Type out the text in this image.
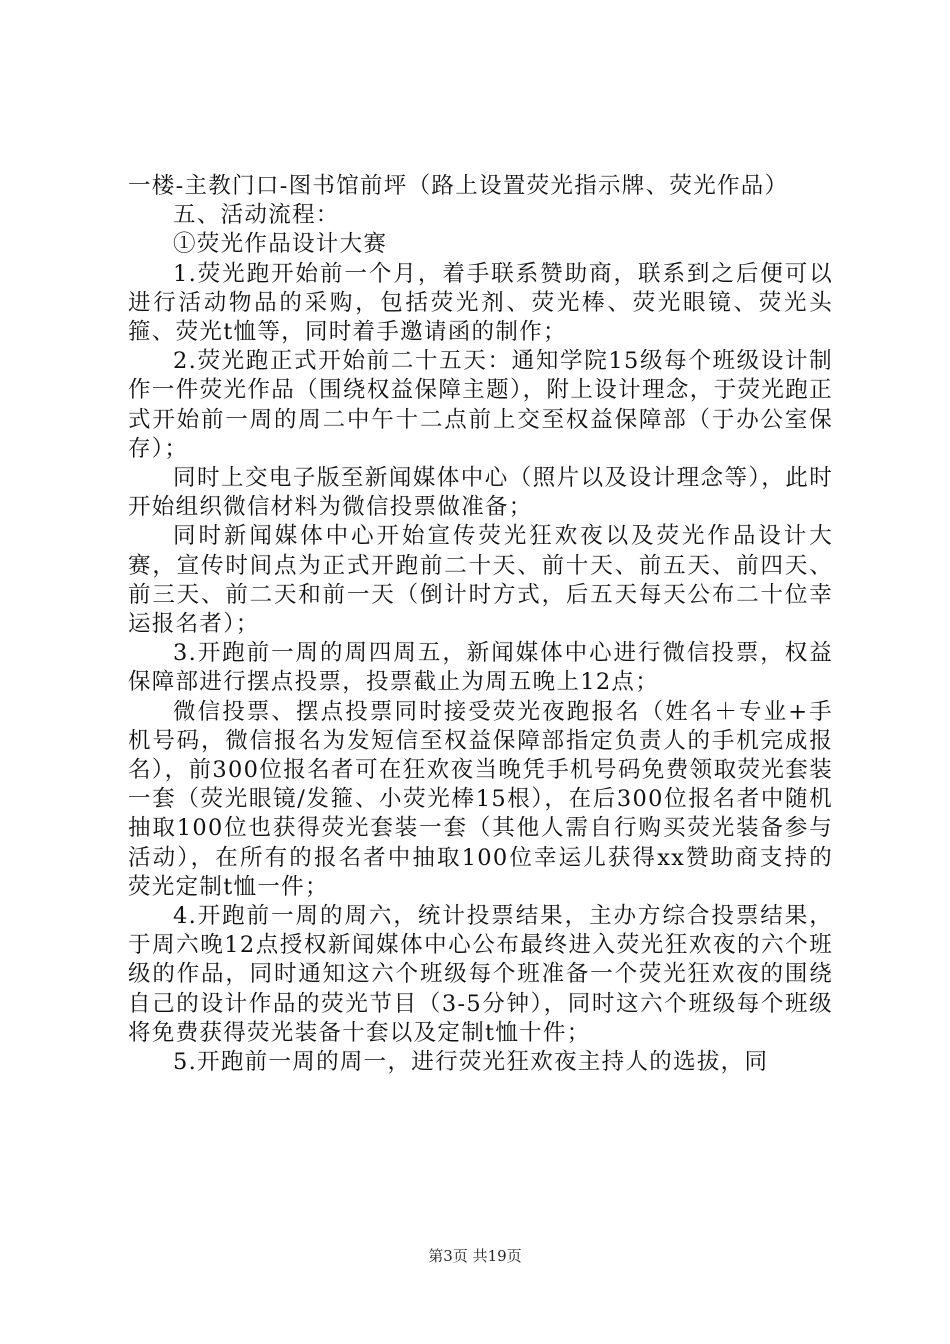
一楼-主教门口-图书馆前坪（路上设置荧光指示牌、荧光作品）

五、活动流程：

①荧光作品设计大赛

1.荧光跑开始前一个月，着手联系赞助商，联系到之后便可以进行活动物品的采购，包括荧光剂、荧光棒、荧光眼镜、荧光头箍、荧光t恤等，同时着手邀请函的制作；

2.荧光跑正式开始前二十五天：通知学院15级每个班级设计制作一件荧光作品（围绕权益保障主题），附上设计理念，于荧光跑正式开始前一周的周二中午十二点前上交至权益保障部（于办公室保存）；

同时上交电子版至新闻媒体中心（照片以及设计理念等），此时开始组织微信材料为微信投票做准备；

同时新闻媒体中心开始宣传荧光狂欢夜以及荧光作品设计大赛，宣传时间点为正式开跑前二十天、前十天、前五天、前四天、前三天、前二天和前一天（倒计时方式，后五天每天公布二十位幸运报名者）；

3.开跑前一周的周四周五，新闻媒体中心进行微信投票，权益保障部进行摆点投票，投票截止为周五晚上12点；

微信投票、摆点投票同时接受荧光夜跑报名（姓名＋专业+手机号码，微信报名为发短信至权益保障部指定负责人的手机完成报名），前300位报名者可在狂欢夜当晚凭手机号码免费领取荧光套装一套（荧光眼镜/发箍、小荧光棒15根），在后300位报名者中随机抽取100位也获得荧光套装一套（其他人需自行购买荧光装备参与活动），在所有的报名者中抽取100位幸运儿获得xx赞助商支持的荧光定制t恤一件；

4.开跑前一周的周六，统计投票结果，主办方综合投票结果，于周六晚12点授权新闻媒体中心公布最终进入荧光狂欢夜的六个班级的作品，同时通知这六个班级每个班准备一个荧光狂欢夜的围绕自己的设计作品的荧光节目（3-5分钟），同时这六个班级每个班级将免费获得荧光装备十套以及定制t恤十件；

5.开跑前一周的周一，进行荧光狂欢夜主持人的选拔，同

第3页 共19页
